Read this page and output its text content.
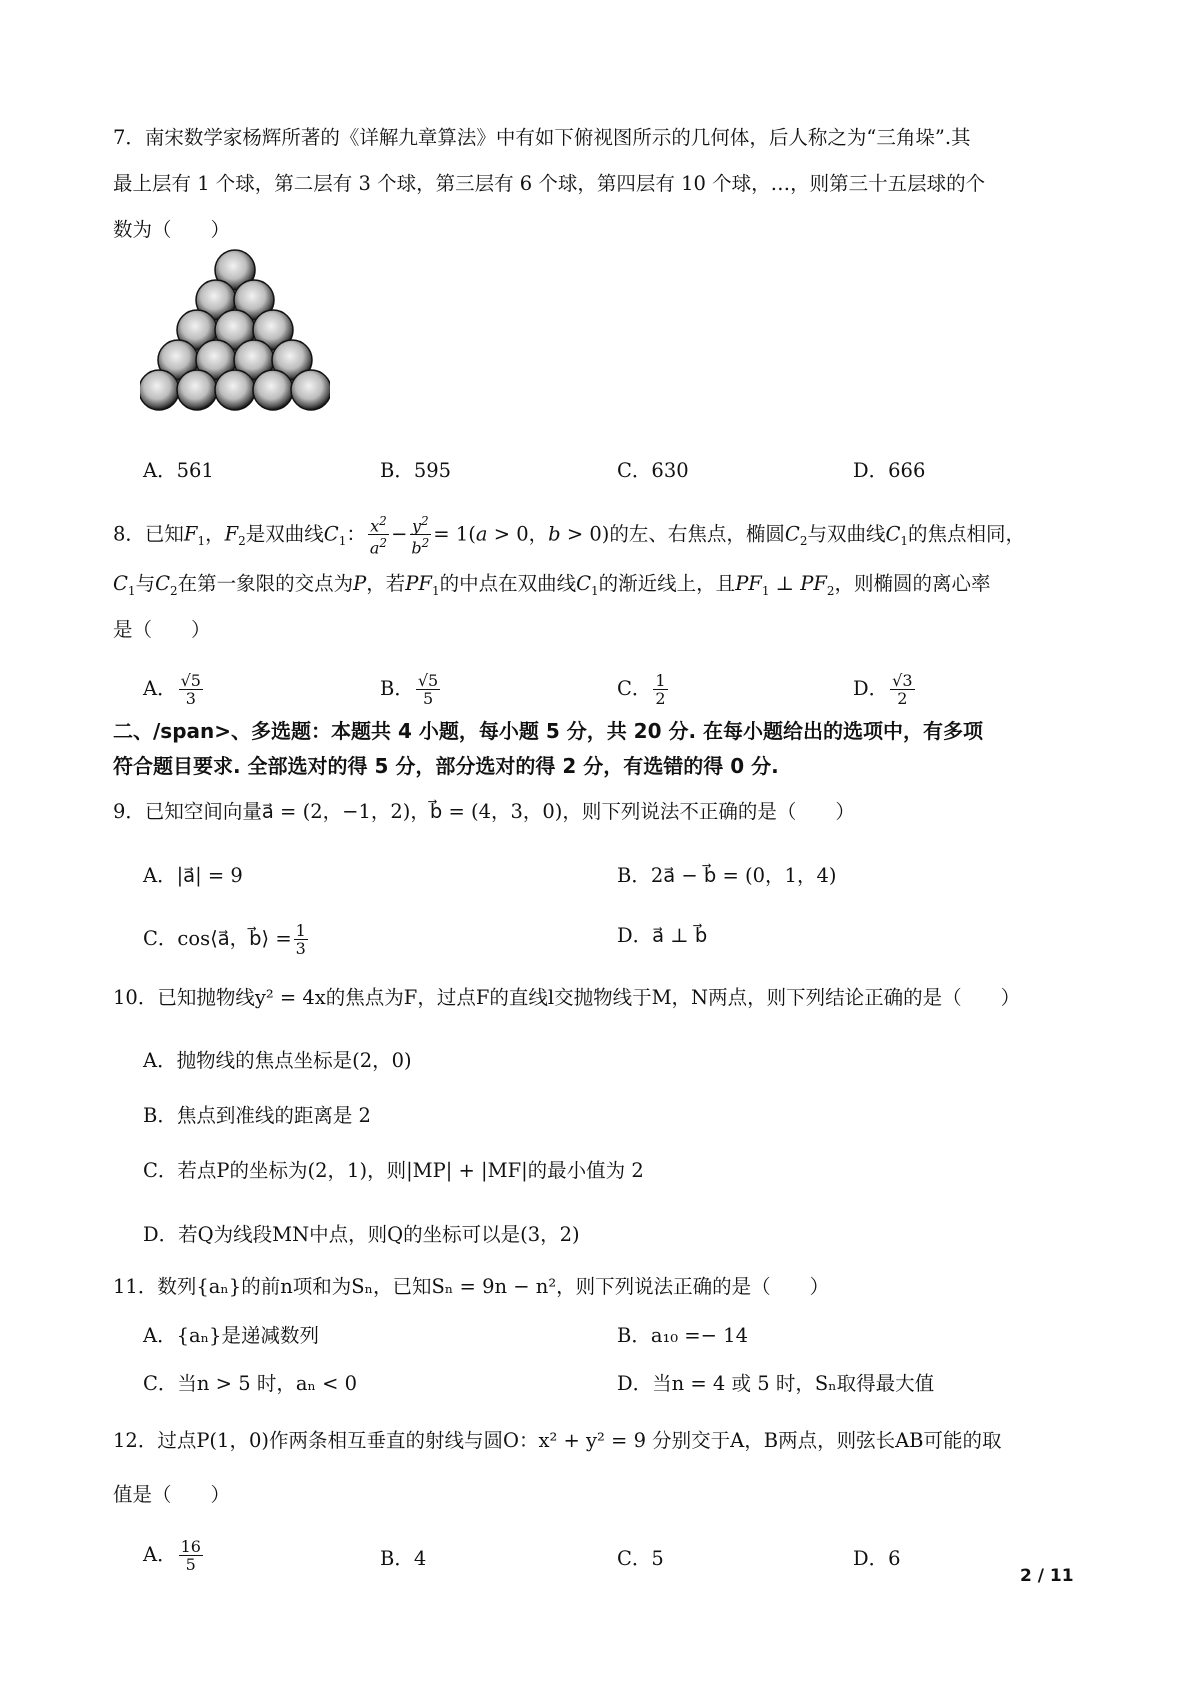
7．南宋数学家杨辉所著的《详解九章算法》中有如下俯视图所示的几何体，后人称之为“三角垛”.其
最上层有 1 个球，第二层有 3 个球，第三层有 6 个球，第四层有 10 个球，…，则第三十五层球的个
数为（　　）
A．561	B．595	C．630	D．666
8．已知$F_1$，$F_2$是双曲线$C_1$： $\frac{x^2}{a^2} - \frac{y^2}{b^2} = 1(a > 0$，b > 0)的左、右焦点，椭圆$C_2$与双曲线$C_1$的焦点相同，
$C_1$与$C_2$在第一象限的交点为P，若$PF_1$的中点在双曲线$C_1$的渐近线上，且$PF_1$ ⊥ $PF_2$，则椭圆的离心率
是（　　）
A． $\frac{√5}{3}$	B． $\frac{√5}{5}$	C． $\frac{1}{2}$	D． $\frac{√3}{2}$
二、/span>、多选题：本题共 4 小题，每小题 5 分，共 20 分. 在每小题给出的选项中，有多项
符合题目要求. 全部选对的得 5 分，部分选对的得 2 分，有选错的得 0 分.
9．已知空间向量a⃗ = (2，−1，2)，b⃗ = (4，3，0)，则下列说法不正确的是（　　）
A．|a⃗| = 9	B．2a⃗ − b⃗ = (0，1，4)
C．cos⟨a⃗，b⃗⟩ = $\frac{1}{3}$	D．a⃗ ⊥ b⃗
10．已知抛物线y² = 4x的焦点为F，过点F的直线l交抛物线于M，N两点，则下列结论正确的是（　　）
A．抛物线的焦点坐标是(2，0)
B．焦点到准线的距离是 2
C．若点P的坐标为(2，1)，则|MP| + |MF|的最小值为 2
D．若Q为线段MN中点，则Q的坐标可以是(3，2)
11．数列{aₙ}的前n项和为Sₙ，已知Sₙ = 9n − n²，则下列说法正确的是（　　）
A．{aₙ}是递减数列	B．a₁₀ =− 14
C．当n > 5 时，aₙ < 0	D．当n = 4 或 5 时，Sₙ取得最大值
12．过点P(1，0)作两条相互垂直的射线与圆O：x² + y² = 9 分别交于A，B两点，则弦长AB可能的取
值是（　　）
A． $\frac{16}{5}$	B．4	C．5	D．6
2 / 11
